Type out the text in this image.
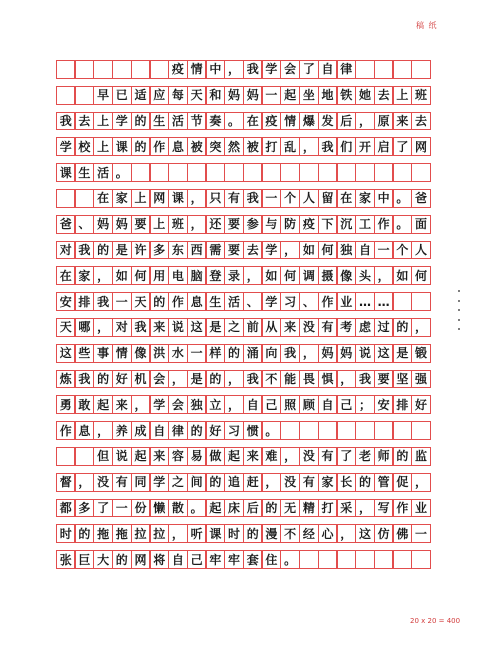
稿 纸
疫 情 中 ， 我 学 会 了 自 律
早 已 适 应 每 天 和 妈 妈 一 起 坐 地 铁 她 去 上 班
我 去 上 学 的 生 活 节 奏 。 在 疫 情 爆 发 后 ， 原 来 去
学 校 上 课 的 作 息 被 突 然 被 打 乱 ， 我 们 开 启 了 网
课 生 活 。
在 家 上 网 课 ， 只 有 我 一 个 人 留 在 家 中 。 爸
爸 、 妈 妈 要 上 班 ， 还 要 参 与 防 疫 下 沉 工 作 。 面
对 我 的 是 许 多 东 西 需 要 去 学 ， 如 何 独 自 一 个 人
在 家 ， 如 何 用 电 脑 登 录 ， 如 何 调 摄 像 头 ， 如 何
安 排 我 一 天 的 作 息 生 活 、 学 习 、 作 业 … …
天 哪 ， 对 我 来 说 这 是 之 前 从 来 没 有 考 虑 过 的 ，
这 些 事 情 像 洪 水 一 样 的 涌 向 我 ， 妈 妈 说 这 是 锻
炼 我 的 好 机 会 ， 是 的 ， 我 不 能 畏 惧 ， 我 要 坚 强
勇 敢 起 来 ， 学 会 独 立 ， 自 己 照 顾 自 己 ； 安 排 好
作 息 ， 养 成 自 律 的 好 习 惯 。
但 说 起 来 容 易 做 起 来 难 ， 没 有 了 老 师 的 监
督 ， 没 有 同 学 之 间 的 追 赶 ， 没 有 家 长 的 管 促 ，
都 多 了 一 份 懒 散 。 起 床 后 的 无 精 打 采 ， 写 作 业
时 的 拖 拖 拉 拉 ， 听 课 时 的 漫 不 经 心 ， 这 仿 佛 一
张 巨 大 的 网 将 自 己 牢 牢 套 住 。
20 x 20 = 400
